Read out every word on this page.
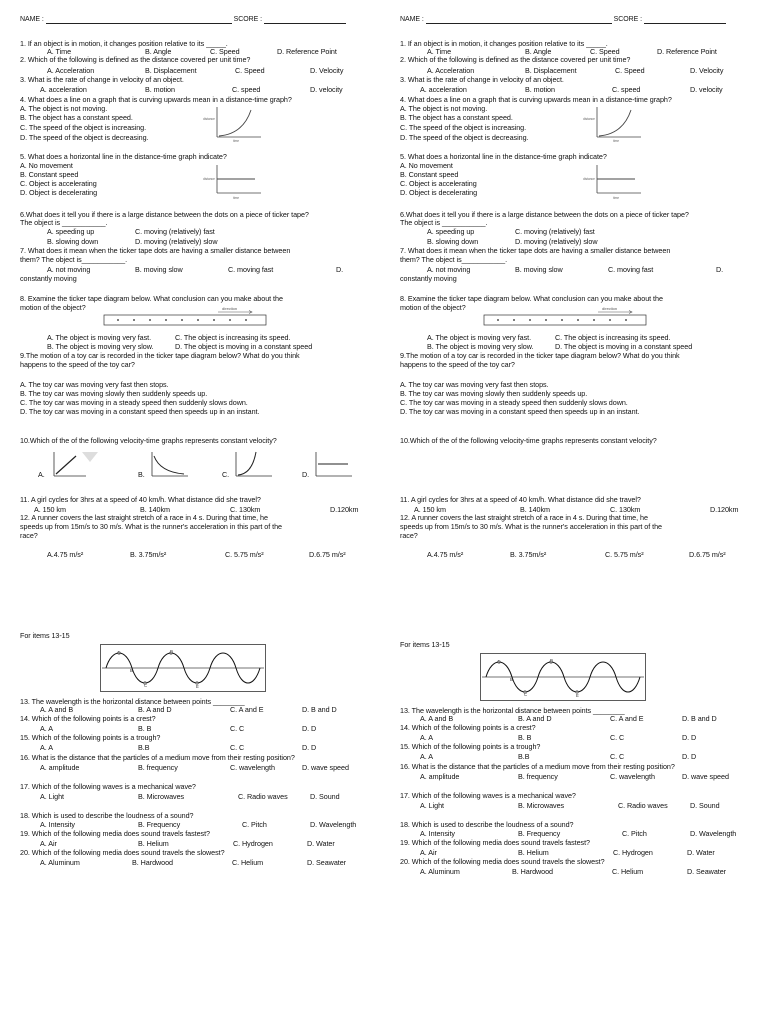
NAME :	SCORE :
1. If an object is in motion, it changes position relative to its _____.
A. Time	B. Angle	C. Speed	D. Reference Point
2. Which of the following is defined as the distance covered per unit time?
A. Acceleration	B. Displacement	C. Speed	D. Velocity
3. What is the rate of change in velocity of an object.
A. acceleration	B. motion	C. speed	D. velocity
4. What does a line on a graph that is curving upwards mean in a distance-time graph?
A. The object is not moving.
B. The object has a constant speed.
C. The speed of the object is increasing.
D. The speed of the object is decreasing.
distance
time
5. What does a horizontal line in the distance-time graph indicate?
A. No movement
B. Constant speed
C. Object is accelerating
D. Object is decelerating
distance
time
6.What does it tell you if there is a large distance between the dots on a piece of ticker tape?
The object is ___________.
A. speeding up	C. moving (relatively) fast
B. slowing down	D. moving (relatively) slow
7. What does it mean when the ticker tape dots are having a smaller distance between
them? The object is___________.
A. not moving	B. moving slow	C. moving fast	D.
constantly moving
8. Examine the ticker tape diagram below. What conclusion can you make about the
motion of the object?	direction
A. The object is moving very fast.	C. The object is increasing its speed.
B. The object is moving very slow.	D. The object is moving in a constant speed
9.The motion of a toy car is recorded in the ticker tape diagram below? What do you think
happens to the speed of the toy car?
A. The toy car was moving very fast then stops.
B. The toy car was moving slowly then suddenly speeds up.
C. The toy car was moving in a steady speed then suddenly slows down.
D. The toy car was moving in a constant speed then speeds up in an instant.
10.Which of the of the following velocity-time graphs represents constant velocity?
A.	B.	C.	D.
11. A girl cycles for 3hrs at a speed of 40 km/h. What distance did she travel?
A. 150 km	B. 140km	C. 130km	D.120km
12. A runner covers the last straight stretch of a race in 4 s. During that time, he
speeds up from 15m/s to 30 m/s. What is the runner's acceleration in this part of the
race?
A.4.75 m/s²	B. 3.75m/s²	C. 5.75 m/s²	D.6.75 m/s²
For items 13-15
A
B
C
D
E
13. The wavelength is the horizontal distance between points ________
A. A and B	B. A and D	C. A and E	D. B and D
14. Which of the following points is a crest?
A. A	B. B	C. C	D. D
15. Which of the following points is a trough?
A. A	B.B	C. C	D. D
16. What is the distance that the particles of a medium move from their resting position?
A. amplitude	B. frequency	C. wavelength	D. wave speed
17. Which of the following waves is a mechanical wave?
A. Light	B. Microwaves	C. Radio waves	D. Sound
18. Which is used to describe the loudness of a sound?
A. Intensity	B. Frequency	C. Pitch	D. Wavelength
19. Which of the following media does sound travels fastest?
A. Air	B. Helium	C. Hydrogen	D. Water
20. Which of the following media does sound travels the slowest?
A. Aluminum	B. Hardwood	C. Helium	D. Seawater
NAME :	SCORE :
1. If an object is in motion, it changes position relative to its _____.
A. Time	B. Angle	C. Speed	D. Reference Point
2. Which of the following is defined as the distance covered per unit time?
A. Acceleration	B. Displacement	C. Speed	D. Velocity
3. What is the rate of change in velocity of an object.
A. acceleration	B. motion	C. speed	D. velocity
4. What does a line on a graph that is curving upwards mean in a distance-time graph?
A. The object is not moving.
B. The object has a constant speed.
C. The speed of the object is increasing.
D. The speed of the object is decreasing.
distance
time
5. What does a horizontal line in the distance-time graph indicate?
A. No movement
B. Constant speed
C. Object is accelerating
D. Object is decelerating
distance
time
6.What does it tell you if there is a large distance between the dots on a piece of ticker tape?
The object is ___________.
A. speeding up	C. moving (relatively) fast
B. slowing down	D. moving (relatively) slow
7. What does it mean when the ticker tape dots are having a smaller distance between
them? The object is___________.
A. not moving	B. moving slow	C. moving fast	D.
constantly moving
8. Examine the ticker tape diagram below. What conclusion can you make about the
motion of the object?	direction
A. The object is moving very fast.	C. The object is increasing its speed.
B. The object is moving very slow.	D. The object is moving in a constant speed
9.The motion of a toy car is recorded in the ticker tape diagram below? What do you think
happens to the speed of the toy car?
A. The toy car was moving very fast then stops.
B. The toy car was moving slowly then suddenly speeds up.
C. The toy car was moving in a steady speed then suddenly slows down.
D. The toy car was moving in a constant speed then speeds up in an instant.
10.Which of the of the following velocity-time graphs represents constant velocity?
11. A girl cycles for 3hrs at a speed of 40 km/h. What distance did she travel?
A. 150 km	B. 140km	C. 130km	D.120km
12. A runner covers the last straight stretch of a race in 4 s. During that time, he
speeds up from 15m/s to 30 m/s. What is the runner's acceleration in this part of the
race?
A.4.75 m/s²	B. 3.75m/s²	C. 5.75 m/s²	D.6.75 m/s²
For items 13-15
A
B
C
D
E
13. The wavelength is the horizontal distance between points ________
A. A and B	B. A and D	C. A and E	D. B and D
14. Which of the following points is a crest?
A. A	B. B	C. C	D. D
15. Which of the following points is a trough?
A. A	B.B	C. C	D. D
16. What is the distance that the particles of a medium move from their resting position?
A. amplitude	B. frequency	C. wavelength	D. wave speed
17. Which of the following waves is a mechanical wave?
A. Light	B. Microwaves	C. Radio waves	D. Sound
18. Which is used to describe the loudness of a sound?
A. Intensity	B. Frequency	C. Pitch	D. Wavelength
19. Which of the following media does sound travels fastest?
A. Air	B. Helium	C. Hydrogen	D. Water
20. Which of the following media does sound travels the slowest?
A. Aluminum	B. Hardwood	C. Helium	D. Seawater
